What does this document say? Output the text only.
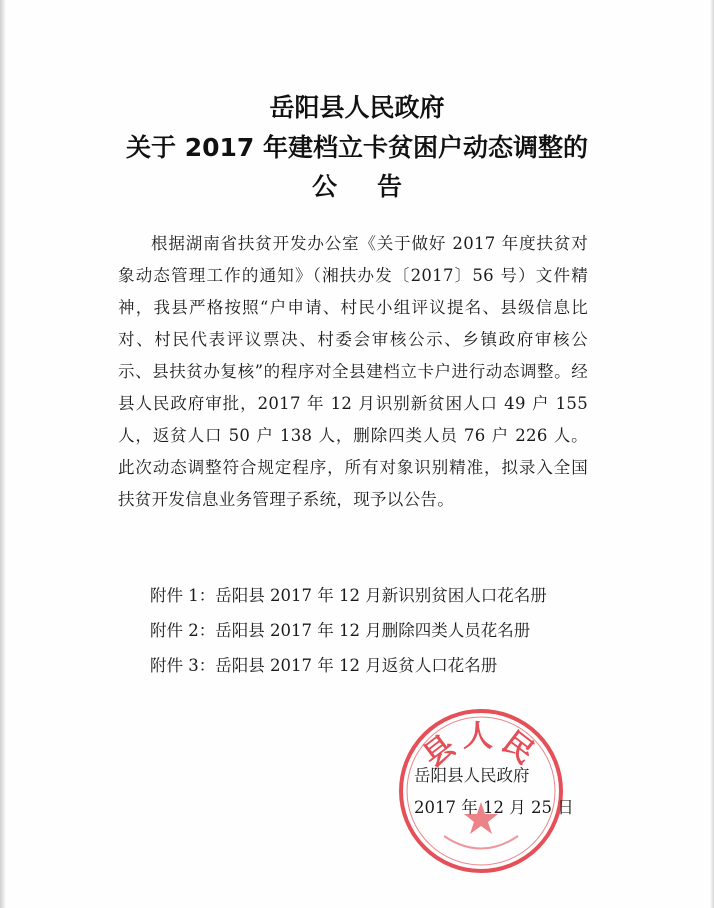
岳阳县人民政府
关于 2017 年建档立卡贫困户动态调整的
公告

根据湖南省扶贫开发办公室《关于做好 2017 年度扶贫对象动态管理工作的通知》（湘扶办发〔2017〕56 号）文件精神，我县严格按照“户申请、村民小组评议提名、县级信息比对、村民代表评议票决、村委会审核公示、乡镇政府审核公示、县扶贫办复核”的程序对全县建档立卡户进行动态调整。经县人民政府审批，2017 年 12 月识别新贫困人口 49 户 155 人，返贫人口 50 户 138 人，删除四类人员 76 户 226 人。此次动态调整符合规定程序，所有对象识别精准，拟录入全国扶贫开发信息业务管理子系统，现予以公告。

附件 1：岳阳县 2017 年 12 月新识别贫困人口花名册
附件 2：岳阳县 2017 年 12 月删除四类人员花名册
附件 3：岳阳县 2017 年 12 月返贫人口花名册
县人民
岳阳县人民政府
2017 年 12 月 25 日
